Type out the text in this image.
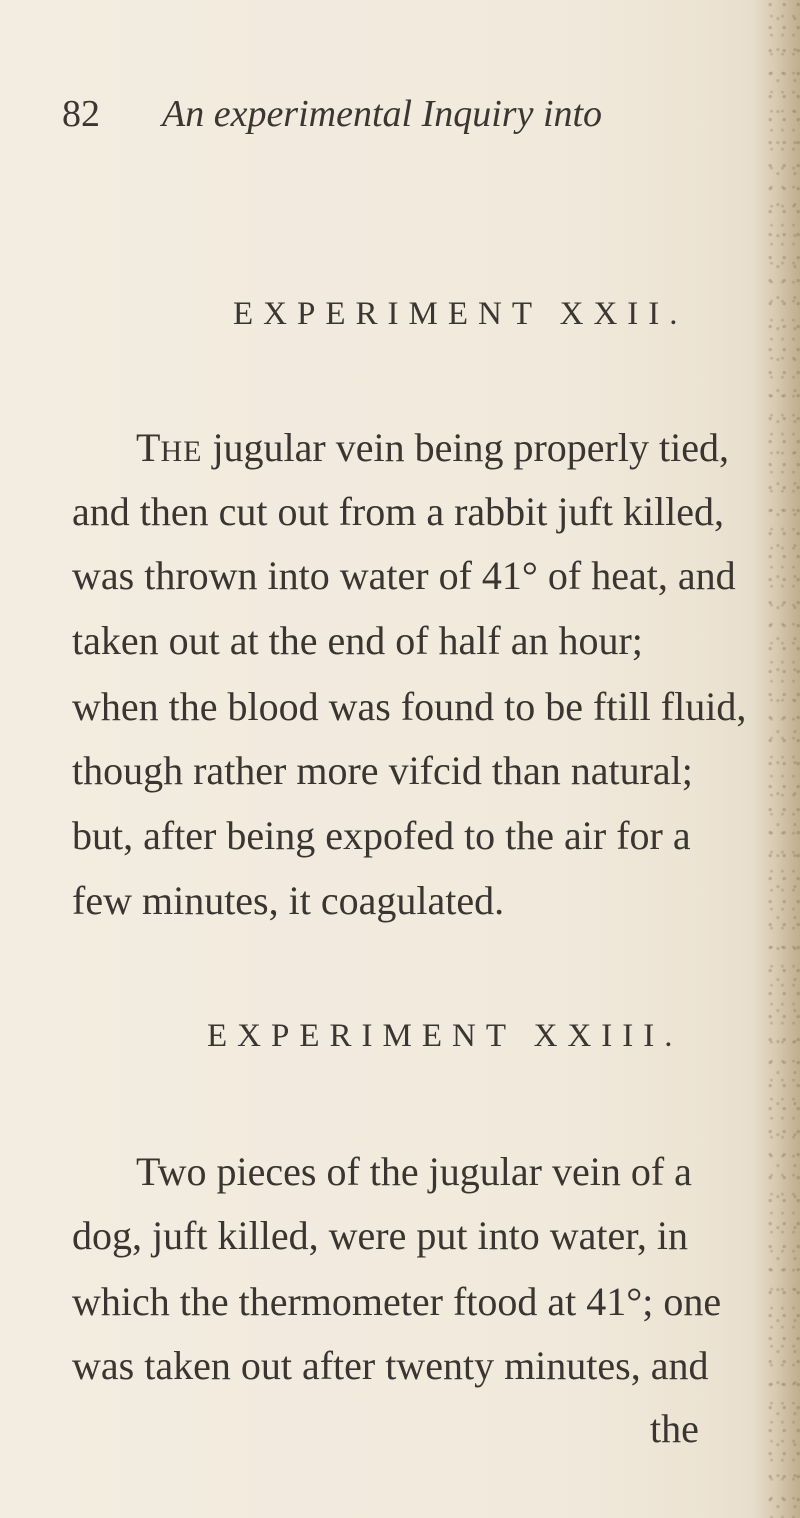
82 An experimental Inquiry into
EXPERIMENT XXII.
THE jugular vein being properly tied,
and then cut out from a rabbit juft killed,
was thrown into water of 41° of heat, and
taken out at the end of half an hour;
when the blood was found to be ftill fluid,
though rather more vifcid than natural;
but, after being expofed to the air for a
few minutes, it coagulated.
EXPERIMENT XXIII.
Two pieces of the jugular vein of a
dog, juft killed, were put into water, in
which the thermometer ftood at 41°; one
was taken out after twenty minutes, and
the
